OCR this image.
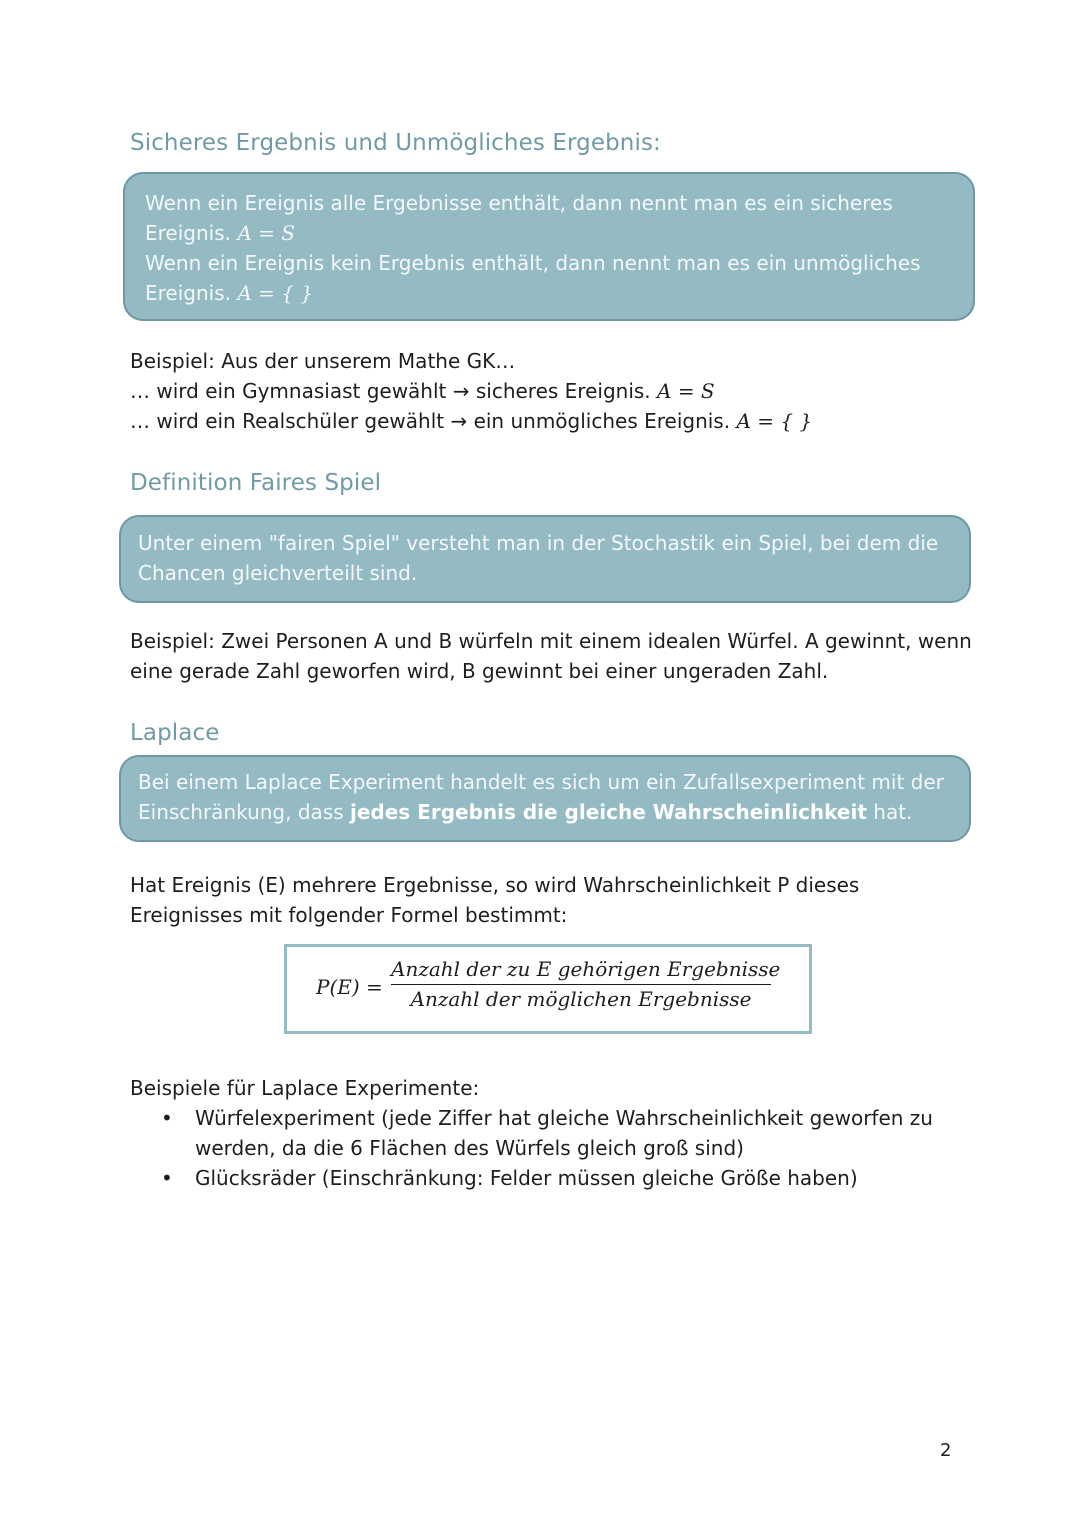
Sicheres Ergebnis und Unmögliches Ergebnis:
Wenn ein Ereignis alle Ergebnisse enthält, dann nennt man es ein sicheres
Ereignis. A = S
Wenn ein Ereignis kein Ergebnis enthält, dann nennt man es ein unmögliches
Ereignis. A = { }

Beispiel: Aus der unserem Mathe GK…

… wird ein Gymnasiast gewählt → sicheres Ereignis. A = S

… wird ein Realschüler gewählt → ein unmögliches Ereignis. A = { }

Definition Faires Spiel
Unter einem "fairen Spiel" versteht man in der Stochastik ein Spiel, bei dem die
Chancen gleichverteilt sind.

Beispiel: Zwei Personen A und B würfeln mit einem idealen Würfel. A gewinnt, wenn

eine gerade Zahl geworfen wird, B gewinnt bei einer ungeraden Zahl.

Laplace
Bei einem Laplace Experiment handelt es sich um ein Zufallsexperiment mit der
Einschränkung, dass jedes Ergebnis die gleiche Wahrscheinlichkeit hat.

Hat Ereignis (E) mehrere Ergebnisse, so wird Wahrscheinlichkeit P dieses

Ereignisses mit folgender Formel bestimmt:

P(E) =
Anzahl der zu E gehörigen Ergebnisse
Anzahl der möglichen Ergebnisse

Beispiele für Laplace Experimente:

• Würfelexperiment (jede Ziffer hat gleiche Wahrscheinlichkeit geworfen zu
werden, da die 6 Flächen des Würfels gleich groß sind)
• Glücksräder (Einschränkung: Felder müssen gleiche Größe haben)
2
